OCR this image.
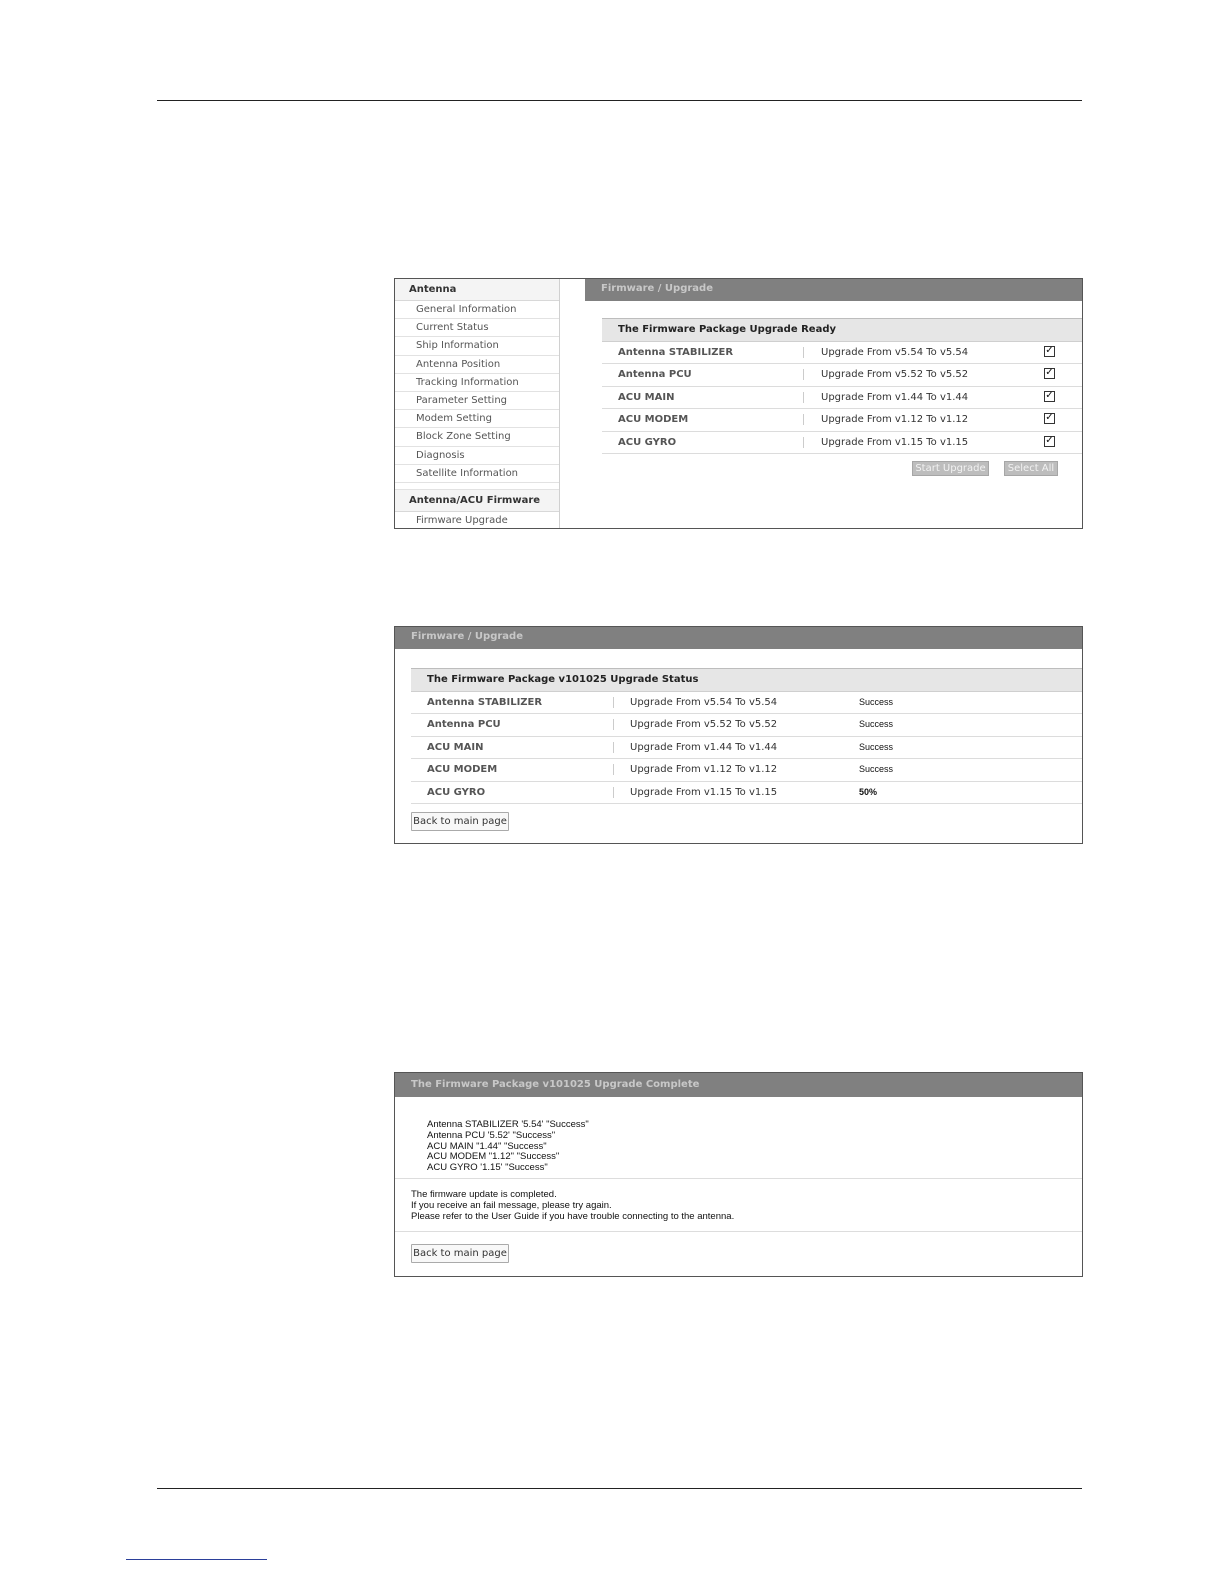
Antenna
General Information
Current Status
Ship Information
Antenna Position
Tracking Information
Parameter Setting
Modem Setting
Block Zone Setting
Diagnosis
Satellite Information
Antenna/ACU Firmware
Firmware Upgrade
Firmware / Upgrade
The Firmware Package Upgrade Ready
Antenna STABILIZER	Upgrade From v5.54 To v5.54	✓
Antenna PCU	Upgrade From v5.52 To v5.52	✓
ACU MAIN	Upgrade From v1.44 To v1.44	✓
ACU MODEM	Upgrade From v1.12 To v1.12	✓
ACU GYRO	Upgrade From v1.15 To v1.15	✓
Start Upgrade	Select All
Firmware / Upgrade
The Firmware Package v101025 Upgrade Status
Antenna STABILIZER	Upgrade From v5.54 To v5.54	Success
Antenna PCU	Upgrade From v5.52 To v5.52	Success
ACU MAIN	Upgrade From v1.44 To v1.44	Success
ACU MODEM	Upgrade From v1.12 To v1.12	Success
ACU GYRO	Upgrade From v1.15 To v1.15	50%
Back to main page
The Firmware Package v101025 Upgrade Complete
Antenna STABILIZER '5.54' "Success"
Antenna PCU '5.52' "Success"
ACU MAIN "1.44" "Success"
ACU MODEM "1.12" "Success"
ACU GYRO '1.15' "Success"
The firmware update is completed.
If you receive an fail message, please try again.
Please refer to the User Guide if you have trouble connecting to the antenna.
Back to main page
